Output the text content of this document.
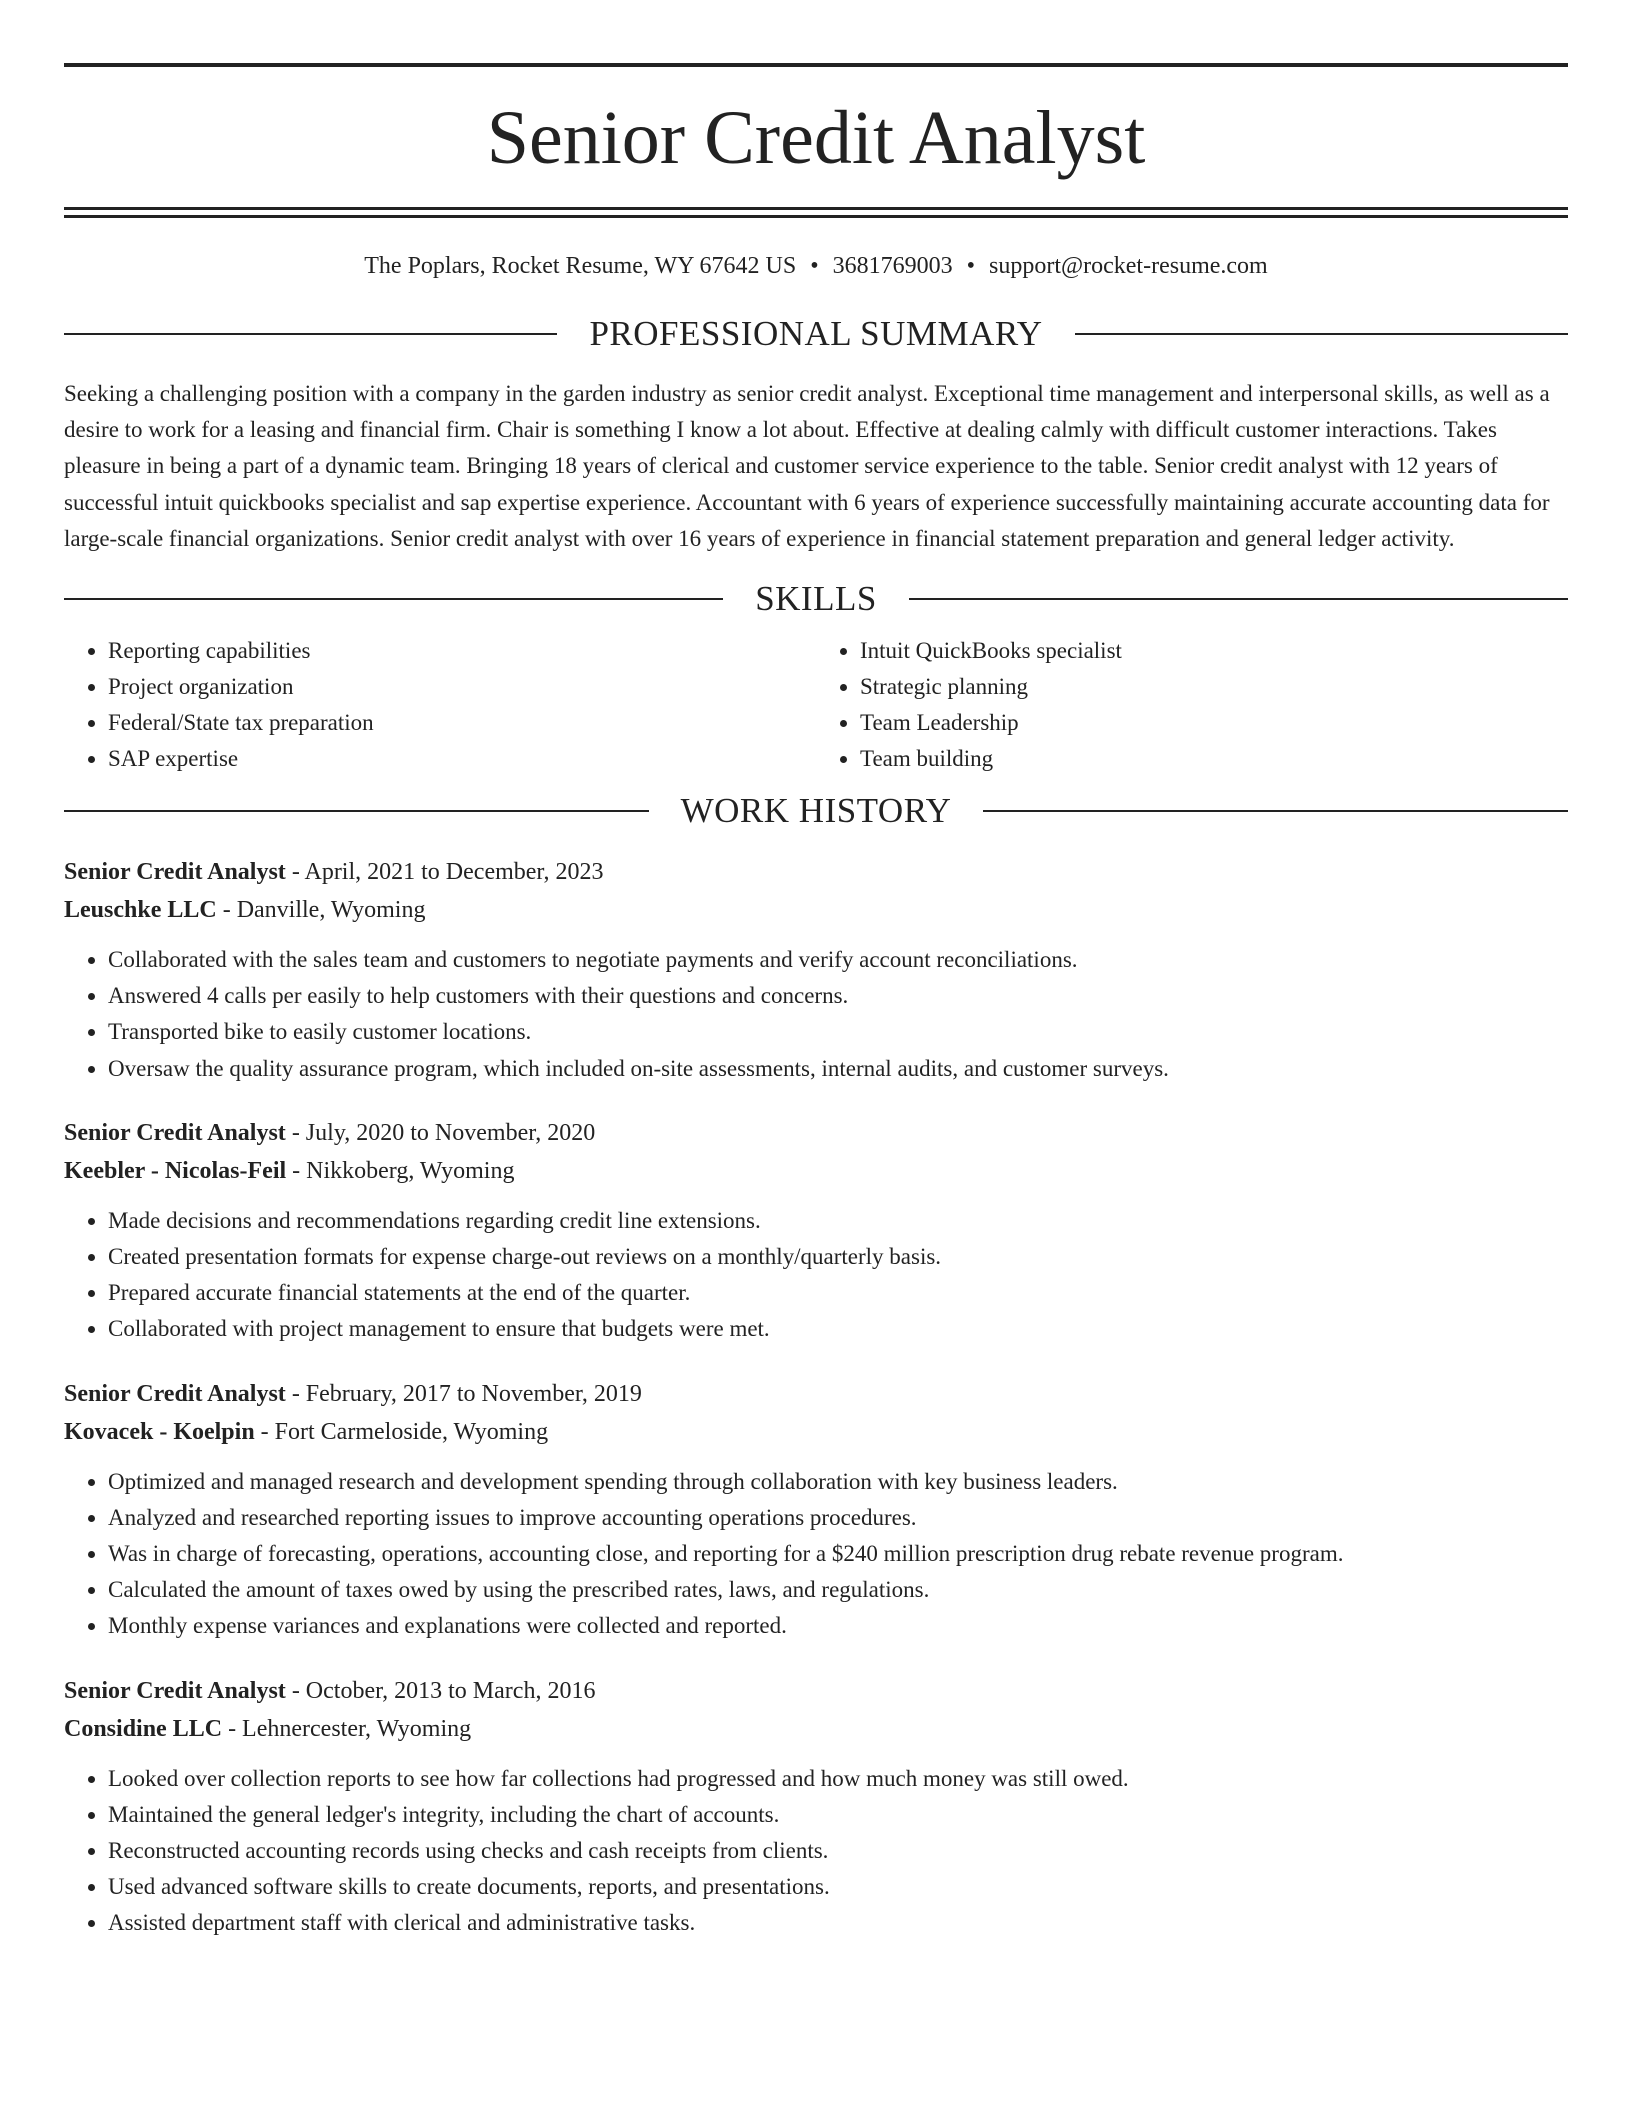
Senior Credit Analyst
The Poplars, Rocket Resume, WY 67642 US • 3681769003 • support@rocket-resume.com
PROFESSIONAL SUMMARY

Seeking a challenging position with a company in the garden industry as senior credit analyst. Exceptional time management and interpersonal skills, as well as a desire to work for a leasing and financial firm. Chair is something I know a lot about. Effective at dealing calmly with difficult customer interactions. Takes pleasure in being a part of a dynamic team. Bringing 18 years of clerical and customer service experience to the table. Senior credit analyst with 12 years of successful intuit quickbooks specialist and sap expertise experience. Accountant with 6 years of experience successfully maintaining accurate accounting data for large-scale financial organizations. Senior credit analyst with over 16 years of experience in financial statement preparation and general ledger activity.

SKILLS
• Reporting capabilities
• Project organization
• Federal/State tax preparation
• SAP expertise
• Intuit QuickBooks specialist
• Strategic planning
• Team Leadership
• Team building
WORK HISTORY
Senior Credit Analyst - April, 2021 to December, 2023
Leuschke LLC - Danville, Wyoming
• Collaborated with the sales team and customers to negotiate payments and verify account reconciliations.
• Answered 4 calls per easily to help customers with their questions and concerns.
• Transported bike to easily customer locations.
• Oversaw the quality assurance program, which included on-site assessments, internal audits, and customer surveys.
Senior Credit Analyst - July, 2020 to November, 2020
Keebler - Nicolas-Feil - Nikkoberg, Wyoming
• Made decisions and recommendations regarding credit line extensions.
• Created presentation formats for expense charge-out reviews on a monthly/quarterly basis.
• Prepared accurate financial statements at the end of the quarter.
• Collaborated with project management to ensure that budgets were met.
Senior Credit Analyst - February, 2017 to November, 2019
Kovacek - Koelpin - Fort Carmeloside, Wyoming
• Optimized and managed research and development spending through collaboration with key business leaders.
• Analyzed and researched reporting issues to improve accounting operations procedures.
• Was in charge of forecasting, operations, accounting close, and reporting for a $240 million prescription drug rebate revenue program.
• Calculated the amount of taxes owed by using the prescribed rates, laws, and regulations.
• Monthly expense variances and explanations were collected and reported.
Senior Credit Analyst - October, 2013 to March, 2016
Considine LLC - Lehnercester, Wyoming
• Looked over collection reports to see how far collections had progressed and how much money was still owed.
• Maintained the general ledger's integrity, including the chart of accounts.
• Reconstructed accounting records using checks and cash receipts from clients.
• Used advanced software skills to create documents, reports, and presentations.
• Assisted department staff with clerical and administrative tasks.
